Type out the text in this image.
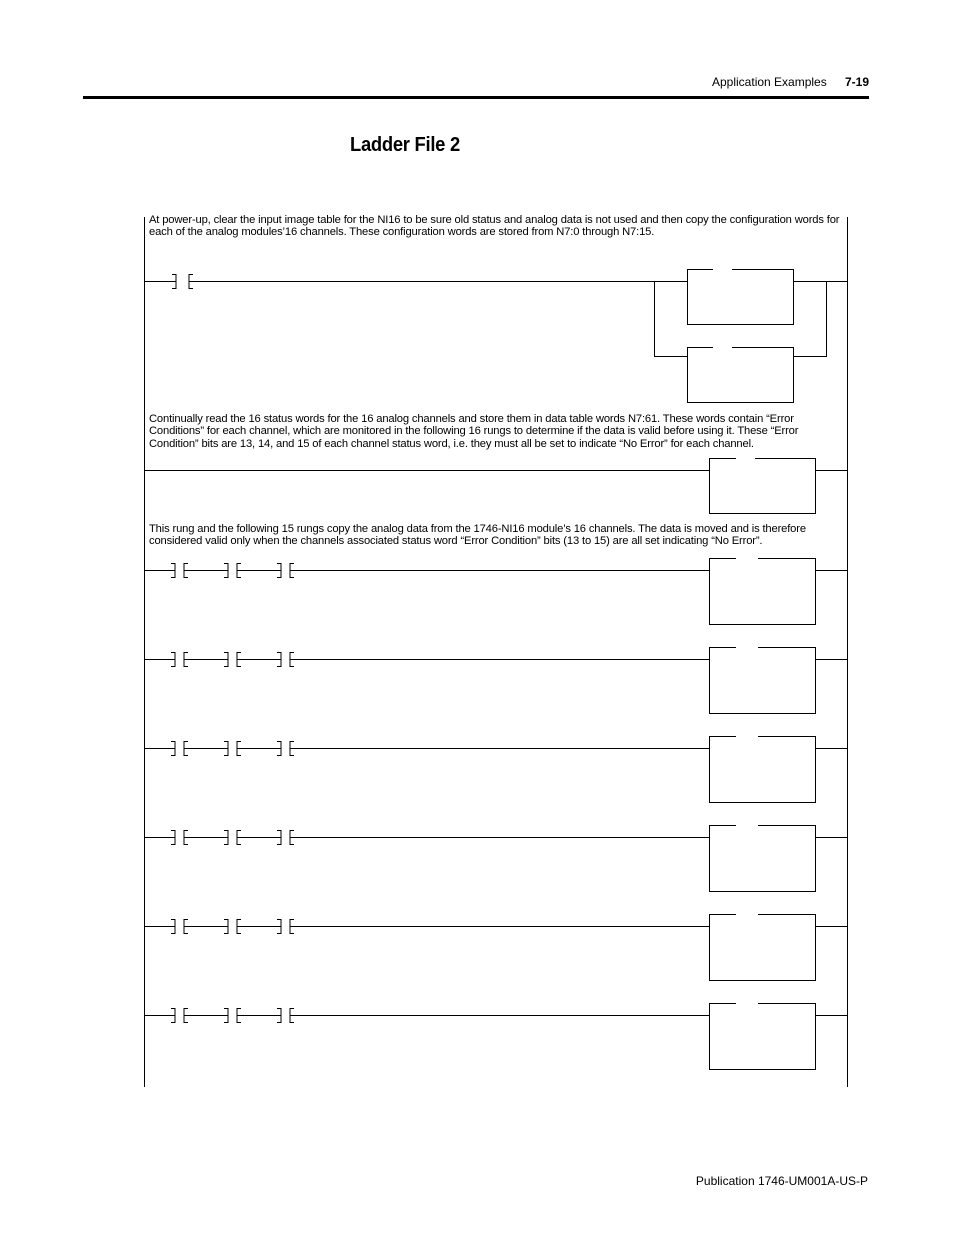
Application Examples 7-19
Ladder File 2
At power-up, clear the input image table for the NI16 to be sure old status and analog data is not used and then copy the configuration words for each of the analog modules’16 channels. These configuration words are stored from N7:0 through N7:15.
Continually read the 16 status words for the 16 analog channels and store them in data table words N7:61. These words contain “Error Conditions” for each channel, which are monitored in the following 16 rungs to determine if the data is valid before using it. These “Error Condition” bits are 13, 14, and 15 of each channel status word, i.e. they must all be set to indicate “No Error” for each channel.
This rung and the following 15 rungs copy the analog data from the 1746-NI16 module’s 16 channels. The data is moved and is therefore considered valid only when the channels associated status word “Error Condition” bits (13 to 15) are all set indicating “No Error”.
Publication 1746-UM001A-US-P
